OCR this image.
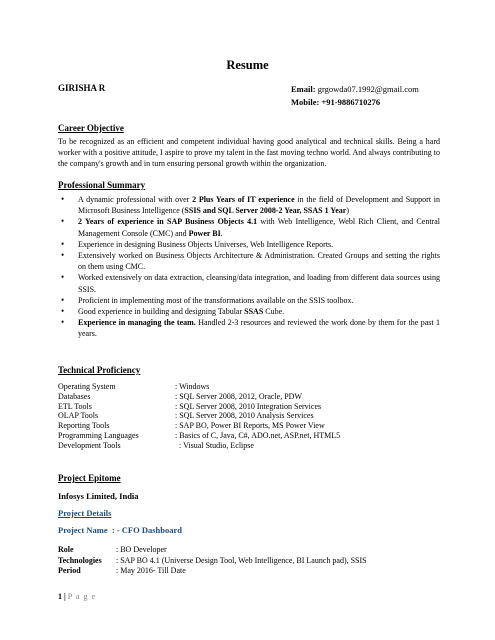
Resume
GIRISHA R	Email: grgowda07.1992@gmail.com
Mobile: +91-9886710276
Career Objective
To be recognized as an efficient and competent individual having good analytical and technical skills. Being a hard worker with a positive attitude, I aspire to prove my talent in the fast moving techno world. And always contributing to the company's growth and in turn ensuring personal growth within the organization.
Professional Summary
• A dynamic professional with over 2 Plus Years of IT experience in the field of Development and Support in Microsoft Business Intelligence (SSIS and SQL Server 2008-2 Year, SSAS 1 Year)
• 2 Years of experience in SAP Business Objects 4.1 with Web Intelligence, Webl Rich Client, and Central Management Console (CMC) and Power BI.
• Experience in designing Business Objects Universes, Web Intelligence Reports.
• Extensively worked on Business Objects Architecture & Administration. Created Groups and setting the rights on them using CMC.
• Worked extensively on data extraction, cleansing/data integration, and loading from different data sources using SSIS.
• Proficient in implementing most of the transformations available on the SSIS toolbox.
• Good experience in building and designing Tabular SSAS Cube.
• Experience in managing the team. Handled 2-3 resources and reviewed the work done by them for the past 1 years.
Technical Proficiency
Operating System	: Windows
Databases	: SQL Server 2008, 2012, Oracle, PDW
ETL Tools	: SQL Server 2008, 2010 Integration Services
OLAP Tools	: SQL Server 2008, 2010 Analysis Services
Reporting Tools	: SAP BO, Power BI Reports, MS Power View
Programming Languages	: Basics of C, Java, C#, ADO.net, ASP.net, HTML5
Development Tools	: Visual Studio, Eclipse
Project Epitome
Infosys Limited, India
Project Details
Project Name  : - CFO Dashboard
Role	: BO Developer
Technologies	: SAP BO 4.1 (Universe Design Tool, Web Intelligence, BI Launch pad), SSIS
Period	: May 2016- Till Date
1 | P a g e
